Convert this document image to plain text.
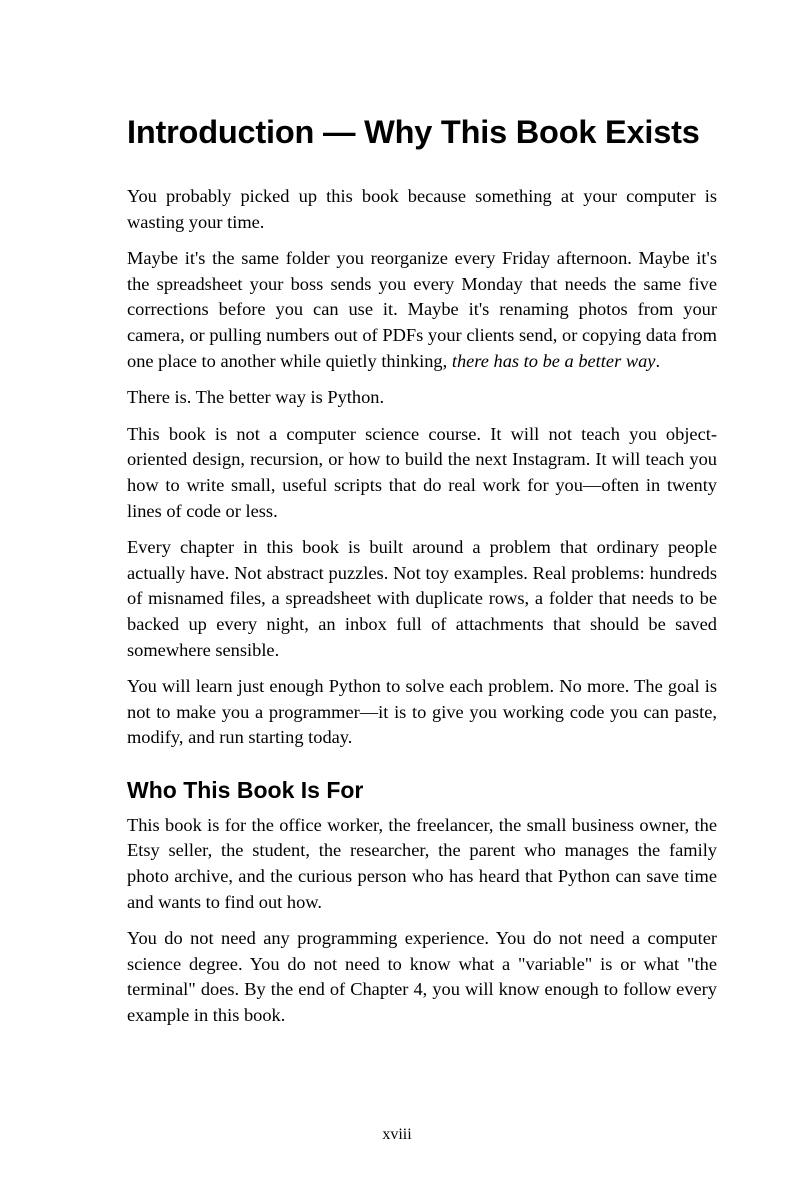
Introduction — Why This Book Exists

You probably picked up this book because something at your computer is wasting your time.

Maybe it's the same folder you reorganize every Friday afternoon. Maybe it's the spreadsheet your boss sends you every Monday that needs the same five corrections before you can use it. Maybe it's renaming photos from your camera, or pulling numbers out of PDFs your clients send, or copying data from one place to another while quietly thinking, there has to be a better way.

There is. The better way is Python.

This book is not a computer science course. It will not teach you object-oriented design, recursion, or how to build the next Instagram. It will teach you how to write small, useful scripts that do real work for you—often in twenty lines of code or less.

Every chapter in this book is built around a problem that ordinary people actually have. Not abstract puzzles. Not toy examples. Real problems: hundreds of misnamed files, a spreadsheet with duplicate rows, a folder that needs to be backed up every night, an inbox full of attachments that should be saved somewhere sensible.

You will learn just enough Python to solve each problem. No more. The goal is not to make you a programmer—it is to give you working code you can paste, modify, and run starting today.

Who This Book Is For

This book is for the office worker, the freelancer, the small business owner, the Etsy seller, the student, the researcher, the parent who manages the family photo archive, and the curious person who has heard that Python can save time and wants to find out how.

You do not need any programming experience. You do not need a computer science degree. You do not need to know what a "variable" is or what "the terminal" does. By the end of Chapter 4, you will know enough to follow every example in this book.

xviii
